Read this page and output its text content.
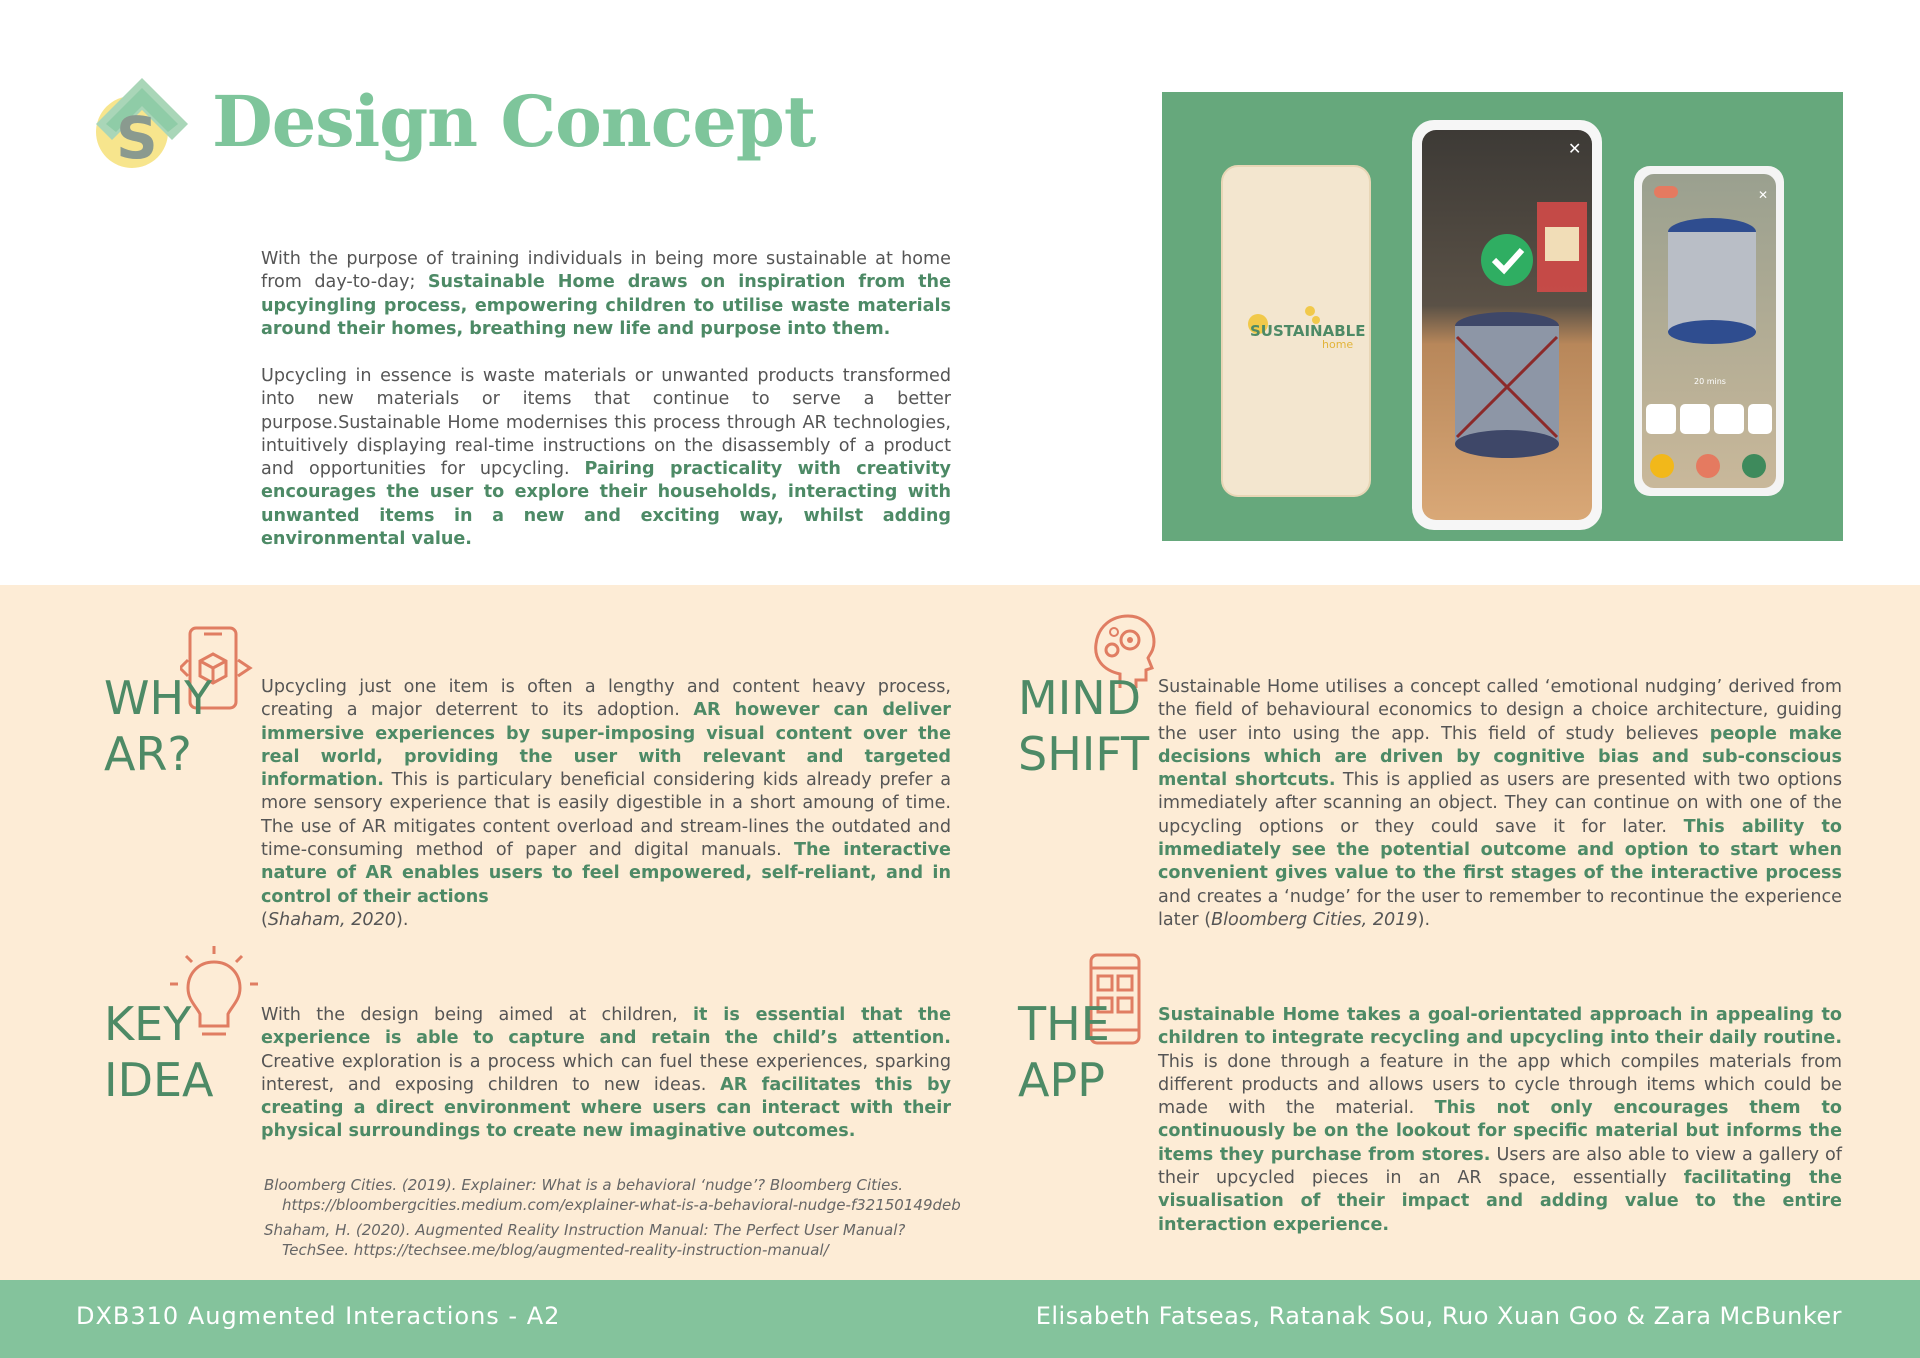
S Design Concept
With the purpose of training individuals in being more sustainable at home from day-to-day; Sustainable Home draws on inspiration from the upcyingling process, empowering children to utilise waste materials around their homes, breathing new life and purpose into them.
Upcycling in essence is waste materials or unwanted products transformed into new materials or items that continue to serve a better purpose.Sustainable Home modernises this process through AR technologies, intuitively displaying real-time instructions on the disassembly of a product and opportunities for upcycling. Pairing practicality with creativity encourages the user to explore their households, interacting with unwanted items in a new and exciting way, whilst adding environmental value.
SUSTAINABLE
home
✕
✕
20 mins
WHY
AR?
Upcycling just one item is often a lengthy and content heavy process, creating a major deterrent to its adoption. AR however can deliver immersive experiences by super-imposing visual content over the real world, providing the user with relevant and targeted information. This is particulary beneficial considering kids already prefer a more sensory experience that is easily digestible in a short amoung of time. The use of AR mitigates content overload and stream-lines the outdated and time-consuming method of paper and digital manuals. The interactive nature of AR enables users to feel empowered, self-reliant, and in control of their actions
(Shaham, 2020).
MIND
SHIFT
Sustainable Home utilises a concept called ‘emotional nudging’ derived from the field of behavioural economics to design a choice architecture, guiding the user into using the app. This field of study believes people make decisions which are driven by cognitive bias and sub-conscious mental shortcuts. This is applied as users are presented with two options immediately after scanning an object. They can continue on with one of the upcycling options or they could save it for later. This ability to immediately see the potential outcome and option to start when convenient gives value to the first stages of the interactive process and creates a ‘nudge’ for the user to remember to recontinue the experience later (Bloomberg Cities, 2019).
KEY
IDEA
With the design being aimed at children, it is essential that the experience is able to capture and retain the child’s attention. Creative exploration is a process which can fuel these experiences, sparking interest, and exposing children to new ideas. AR facilitates this by creating a direct environment where users can interact with their physical surroundings to create new imaginative outcomes.
THE
APP
Sustainable Home takes a goal-orientated approach in appealing to children to integrate recycling and upcycling into their daily routine. This is done through a feature in the app which compiles materials from different products and allows users to cycle through items which could be made with the material. This not only encourages them to continuously be on the lookout for specific material but informs the items they purchase from stores. Users are also able to view a gallery of their upcycled pieces in an AR space, essentially facilitating the visualisation of their impact and adding value to the entire interaction experience.

Bloomberg Cities. (2019). Explainer: What is a behavioral ‘nudge’? Bloomberg Cities. https://bloombergcities.medium.com/explainer-what-is-a-behavioral-nudge-f32150149deb

Shaham, H. (2020). Augmented Reality Instruction Manual: The Perfect User Manual? TechSee. https://techsee.me/blog/augmented-reality-instruction-manual/

DXB310 Augmented Interactions - A2	Elisabeth Fatseas, Ratanak Sou, Ruo Xuan Goo & Zara McBunker
